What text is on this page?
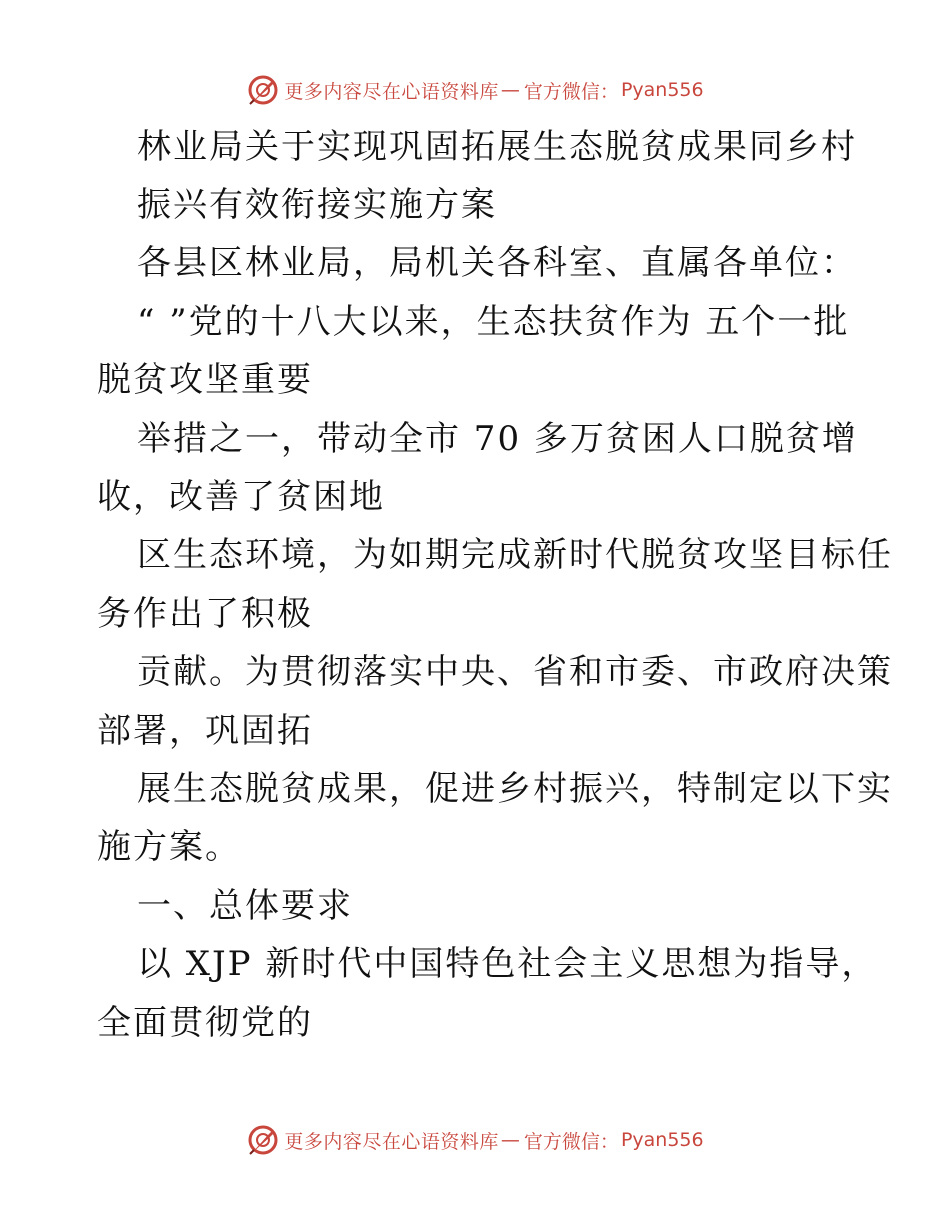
更多内容尽在心语资料库 — 官方微信： Pyan556
林业局关于实现巩固拓展生态脱贫成果同乡村
振兴有效衔接实施方案
各县区林业局，局机关各科室、直属各单位：
“ ”党的十八大以来，生态扶贫作为 五个一批
脱贫攻坚重要
举措之一，带动全市 70 多万贫困人口脱贫增
收，改善了贫困地
区生态环境，为如期完成新时代脱贫攻坚目标任
务作出了积极
贡献。为贯彻落实中央、省和市委、市政府决策
部署，巩固拓
展生态脱贫成果，促进乡村振兴，特制定以下实
施方案。
一、总体要求
以 XJP 新时代中国特色社会主义思想为指导，
全面贯彻党的
更多内容尽在心语资料库 — 官方微信： Pyan556
